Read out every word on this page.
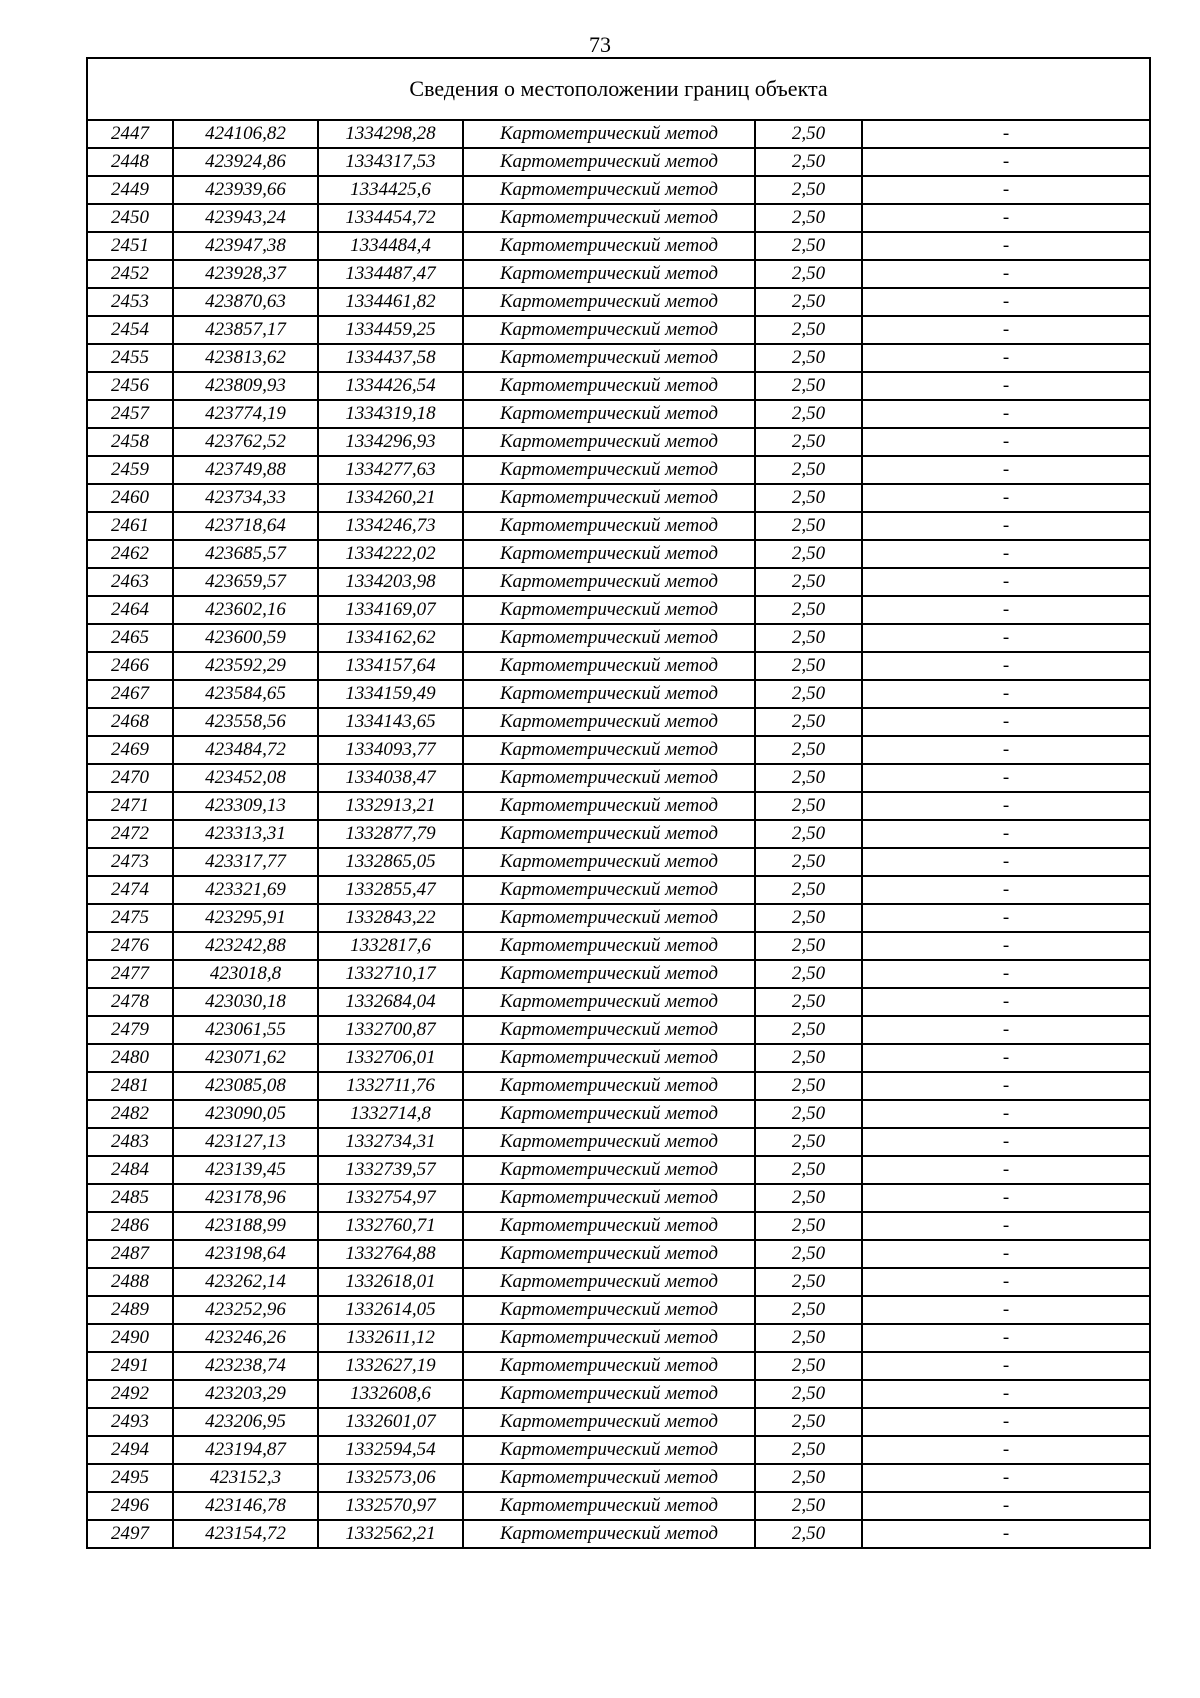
73
Сведения о местоположении границ объекта					
2447	424106,82	1334298,28	Картометрический метод	2,50	-
2448	423924,86	1334317,53	Картометрический метод	2,50	-
2449	423939,66	1334425,6	Картометрический метод	2,50	-
2450	423943,24	1334454,72	Картометрический метод	2,50	-
2451	423947,38	1334484,4	Картометрический метод	2,50	-
2452	423928,37	1334487,47	Картометрический метод	2,50	-
2453	423870,63	1334461,82	Картометрический метод	2,50	-
2454	423857,17	1334459,25	Картометрический метод	2,50	-
2455	423813,62	1334437,58	Картометрический метод	2,50	-
2456	423809,93	1334426,54	Картометрический метод	2,50	-
2457	423774,19	1334319,18	Картометрический метод	2,50	-
2458	423762,52	1334296,93	Картометрический метод	2,50	-
2459	423749,88	1334277,63	Картометрический метод	2,50	-
2460	423734,33	1334260,21	Картометрический метод	2,50	-
2461	423718,64	1334246,73	Картометрический метод	2,50	-
2462	423685,57	1334222,02	Картометрический метод	2,50	-
2463	423659,57	1334203,98	Картометрический метод	2,50	-
2464	423602,16	1334169,07	Картометрический метод	2,50	-
2465	423600,59	1334162,62	Картометрический метод	2,50	-
2466	423592,29	1334157,64	Картометрический метод	2,50	-
2467	423584,65	1334159,49	Картометрический метод	2,50	-
2468	423558,56	1334143,65	Картометрический метод	2,50	-
2469	423484,72	1334093,77	Картометрический метод	2,50	-
2470	423452,08	1334038,47	Картометрический метод	2,50	-
2471	423309,13	1332913,21	Картометрический метод	2,50	-
2472	423313,31	1332877,79	Картометрический метод	2,50	-
2473	423317,77	1332865,05	Картометрический метод	2,50	-
2474	423321,69	1332855,47	Картометрический метод	2,50	-
2475	423295,91	1332843,22	Картометрический метод	2,50	-
2476	423242,88	1332817,6	Картометрический метод	2,50	-
2477	423018,8	1332710,17	Картометрический метод	2,50	-
2478	423030,18	1332684,04	Картометрический метод	2,50	-
2479	423061,55	1332700,87	Картометрический метод	2,50	-
2480	423071,62	1332706,01	Картометрический метод	2,50	-
2481	423085,08	1332711,76	Картометрический метод	2,50	-
2482	423090,05	1332714,8	Картометрический метод	2,50	-
2483	423127,13	1332734,31	Картометрический метод	2,50	-
2484	423139,45	1332739,57	Картометрический метод	2,50	-
2485	423178,96	1332754,97	Картометрический метод	2,50	-
2486	423188,99	1332760,71	Картометрический метод	2,50	-
2487	423198,64	1332764,88	Картометрический метод	2,50	-
2488	423262,14	1332618,01	Картометрический метод	2,50	-
2489	423252,96	1332614,05	Картометрический метод	2,50	-
2490	423246,26	1332611,12	Картометрический метод	2,50	-
2491	423238,74	1332627,19	Картометрический метод	2,50	-
2492	423203,29	1332608,6	Картометрический метод	2,50	-
2493	423206,95	1332601,07	Картометрический метод	2,50	-
2494	423194,87	1332594,54	Картометрический метод	2,50	-
2495	423152,3	1332573,06	Картометрический метод	2,50	-
2496	423146,78	1332570,97	Картометрический метод	2,50	-
2497	423154,72	1332562,21	Картометрический метод	2,50	-
